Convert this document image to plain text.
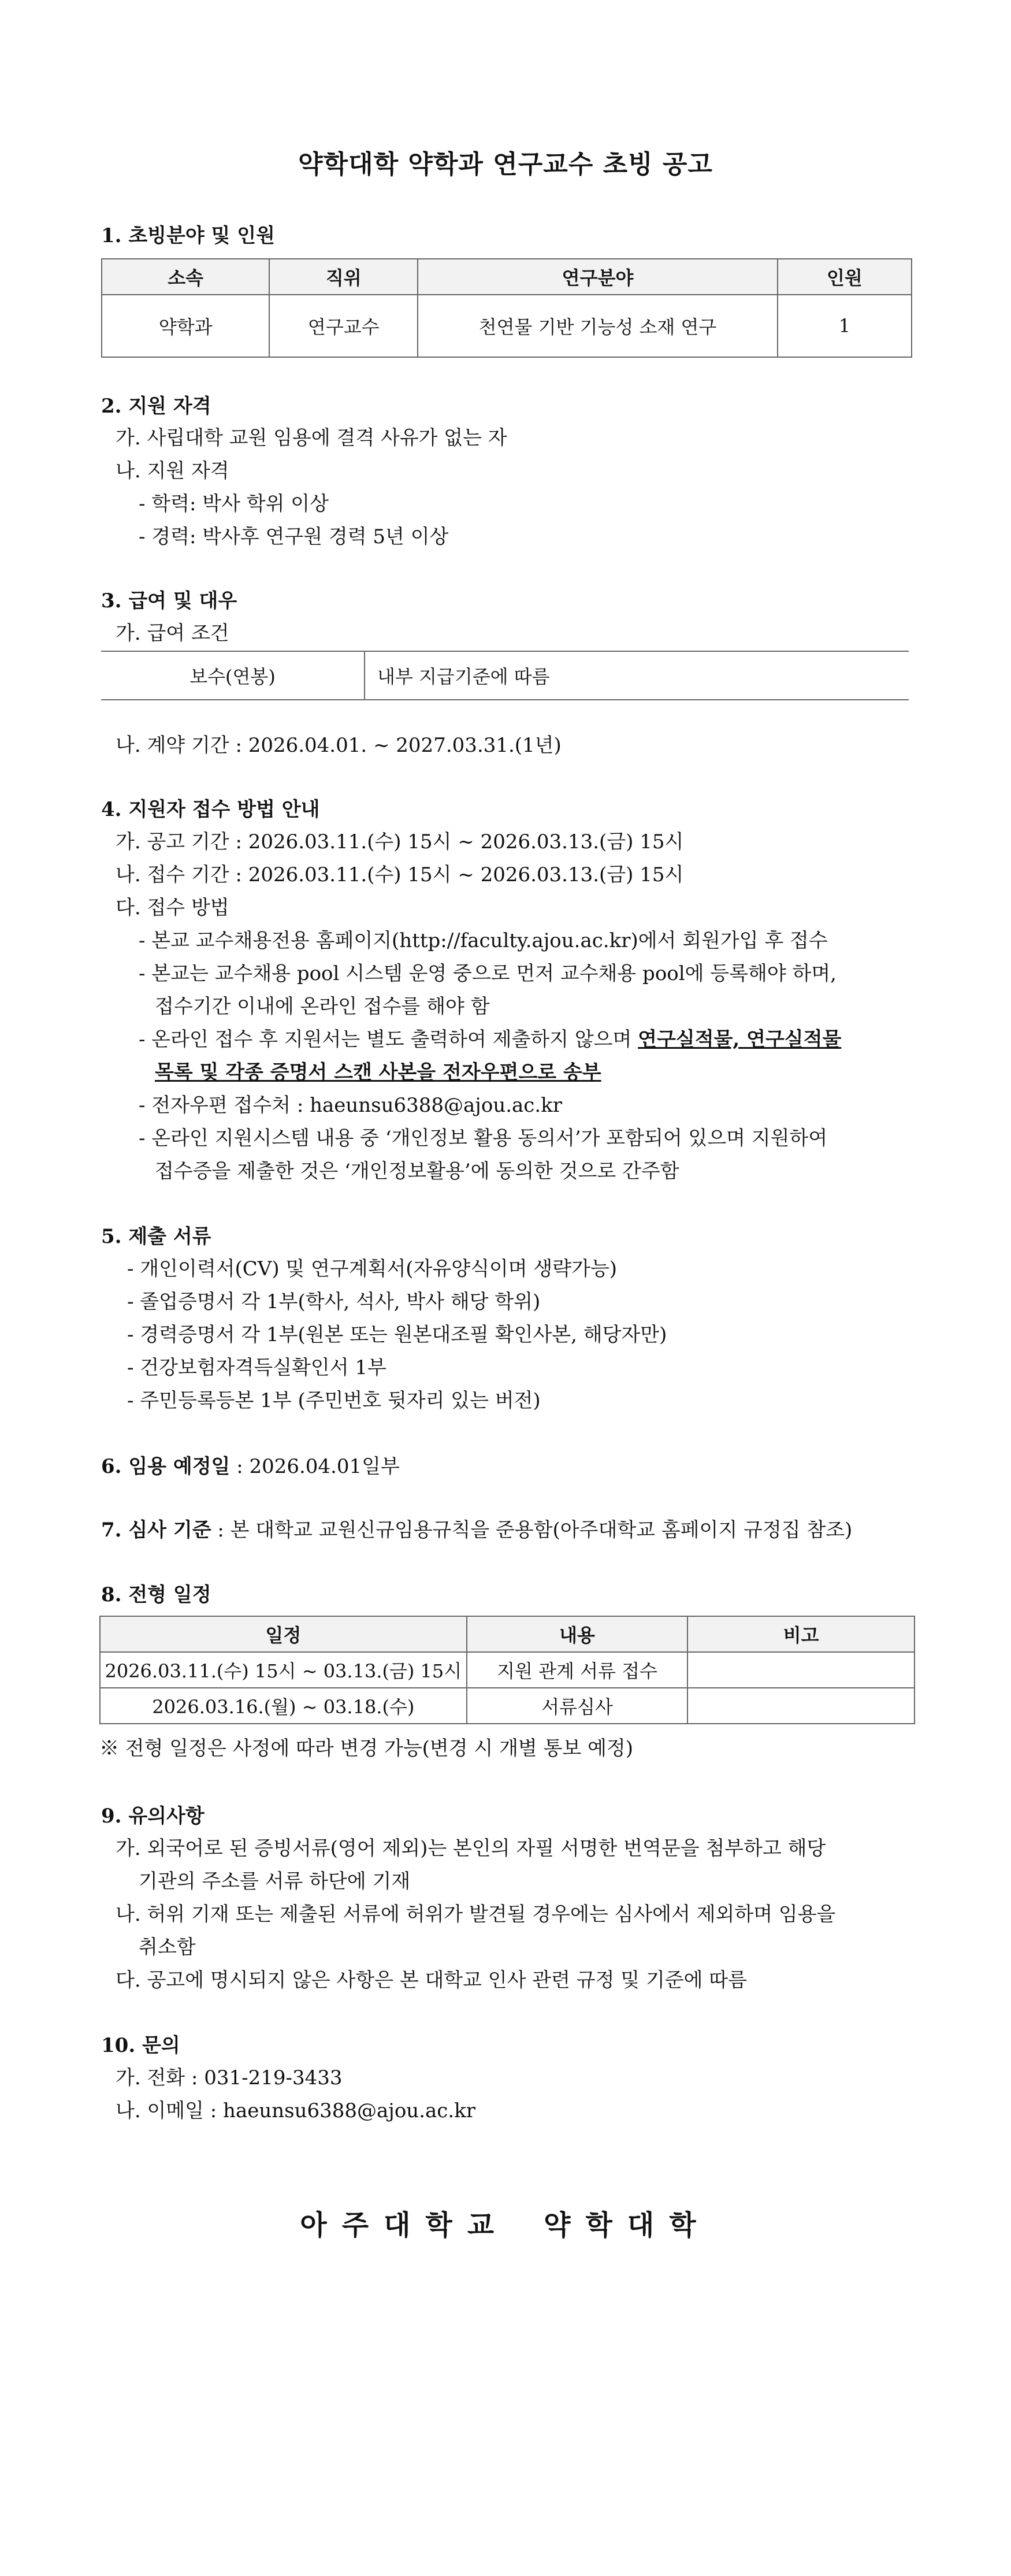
약학대학 약학과 연구교수 초빙 공고
1. 초빙분야 및 인원
소속	직위	연구분야	인원
약학과	연구교수	천연물 기반 기능성 소재 연구	1
2. 지원 자격
가. 사립대학 교원 임용에 결격 사유가 없는 자
나. 지원 자격
- 학력: 박사 학위 이상
- 경력: 박사후 연구원 경력 5년 이상
3. 급여 및 대우
가. 급여 조건
보수(연봉)	내부 지급기준에 따름
나. 계약 기간 : 2026.04.01. ~ 2027.03.31.(1년)
4. 지원자 접수 방법 안내
가. 공고 기간 : 2026.03.11.(수) 15시 ~ 2026.03.13.(금) 15시
나. 접수 기간 : 2026.03.11.(수) 15시 ~ 2026.03.13.(금) 15시
다. 접수 방법
- 본교 교수채용전용 홈페이지(http://faculty.ajou.ac.kr)에서 회원가입 후 접수
- 본교는 교수채용 pool 시스템 운영 중으로 먼저 교수채용 pool에 등록해야 하며,
접수기간 이내에 온라인 접수를 해야 함
- 온라인 접수 후 지원서는 별도 출력하여 제출하지 않으며 연구실적물, 연구실적물
목록 및 각종 증명서 스캔 사본을 전자우편으로 송부
- 전자우편 접수처 : haeunsu6388@ajou.ac.kr
- 온라인 지원시스템 내용 중 ‘개인정보 활용 동의서’가 포함되어 있으며 지원하여
접수증을 제출한 것은 ‘개인정보활용’에 동의한 것으로 간주함
5. 제출 서류
- 개인이력서(CV) 및 연구계획서(자유양식이며 생략가능)
- 졸업증명서 각 1부(학사, 석사, 박사 해당 학위)
- 경력증명서 각 1부(원본 또는 원본대조필 확인사본, 해당자만)
- 건강보험자격득실확인서 1부
- 주민등록등본 1부 (주민번호 뒷자리 있는 버전)
6. 임용 예정일 : 2026.04.01일부
7. 심사 기준 : 본 대학교 교원신규임용규칙을 준용함(아주대학교 홈페이지 규정집 참조)
8. 전형 일정
일정	내용	비고
2026.03.11.(수) 15시 ~ 03.13.(금) 15시	지원 관계 서류 접수	
2026.03.16.(월) ~ 03.18.(수)	서류심사	
※ 전형 일정은 사정에 따라 변경 가능(변경 시 개별 통보 예정)
9. 유의사항
가. 외국어로 된 증빙서류(영어 제외)는 본인의 자필 서명한 번역문을 첨부하고 해당
기관의 주소를 서류 하단에 기재
나. 허위 기재 또는 제출된 서류에 허위가 발견될 경우에는 심사에서 제외하며 임용을
취소함
다. 공고에 명시되지 않은 사항은 본 대학교 인사 관련 규정 및 기준에 따름
10. 문의
가. 전화 : 031-219-3433
나. 이메일 : haeunsu6388@ajou.ac.kr
아주대학교 약학대학
